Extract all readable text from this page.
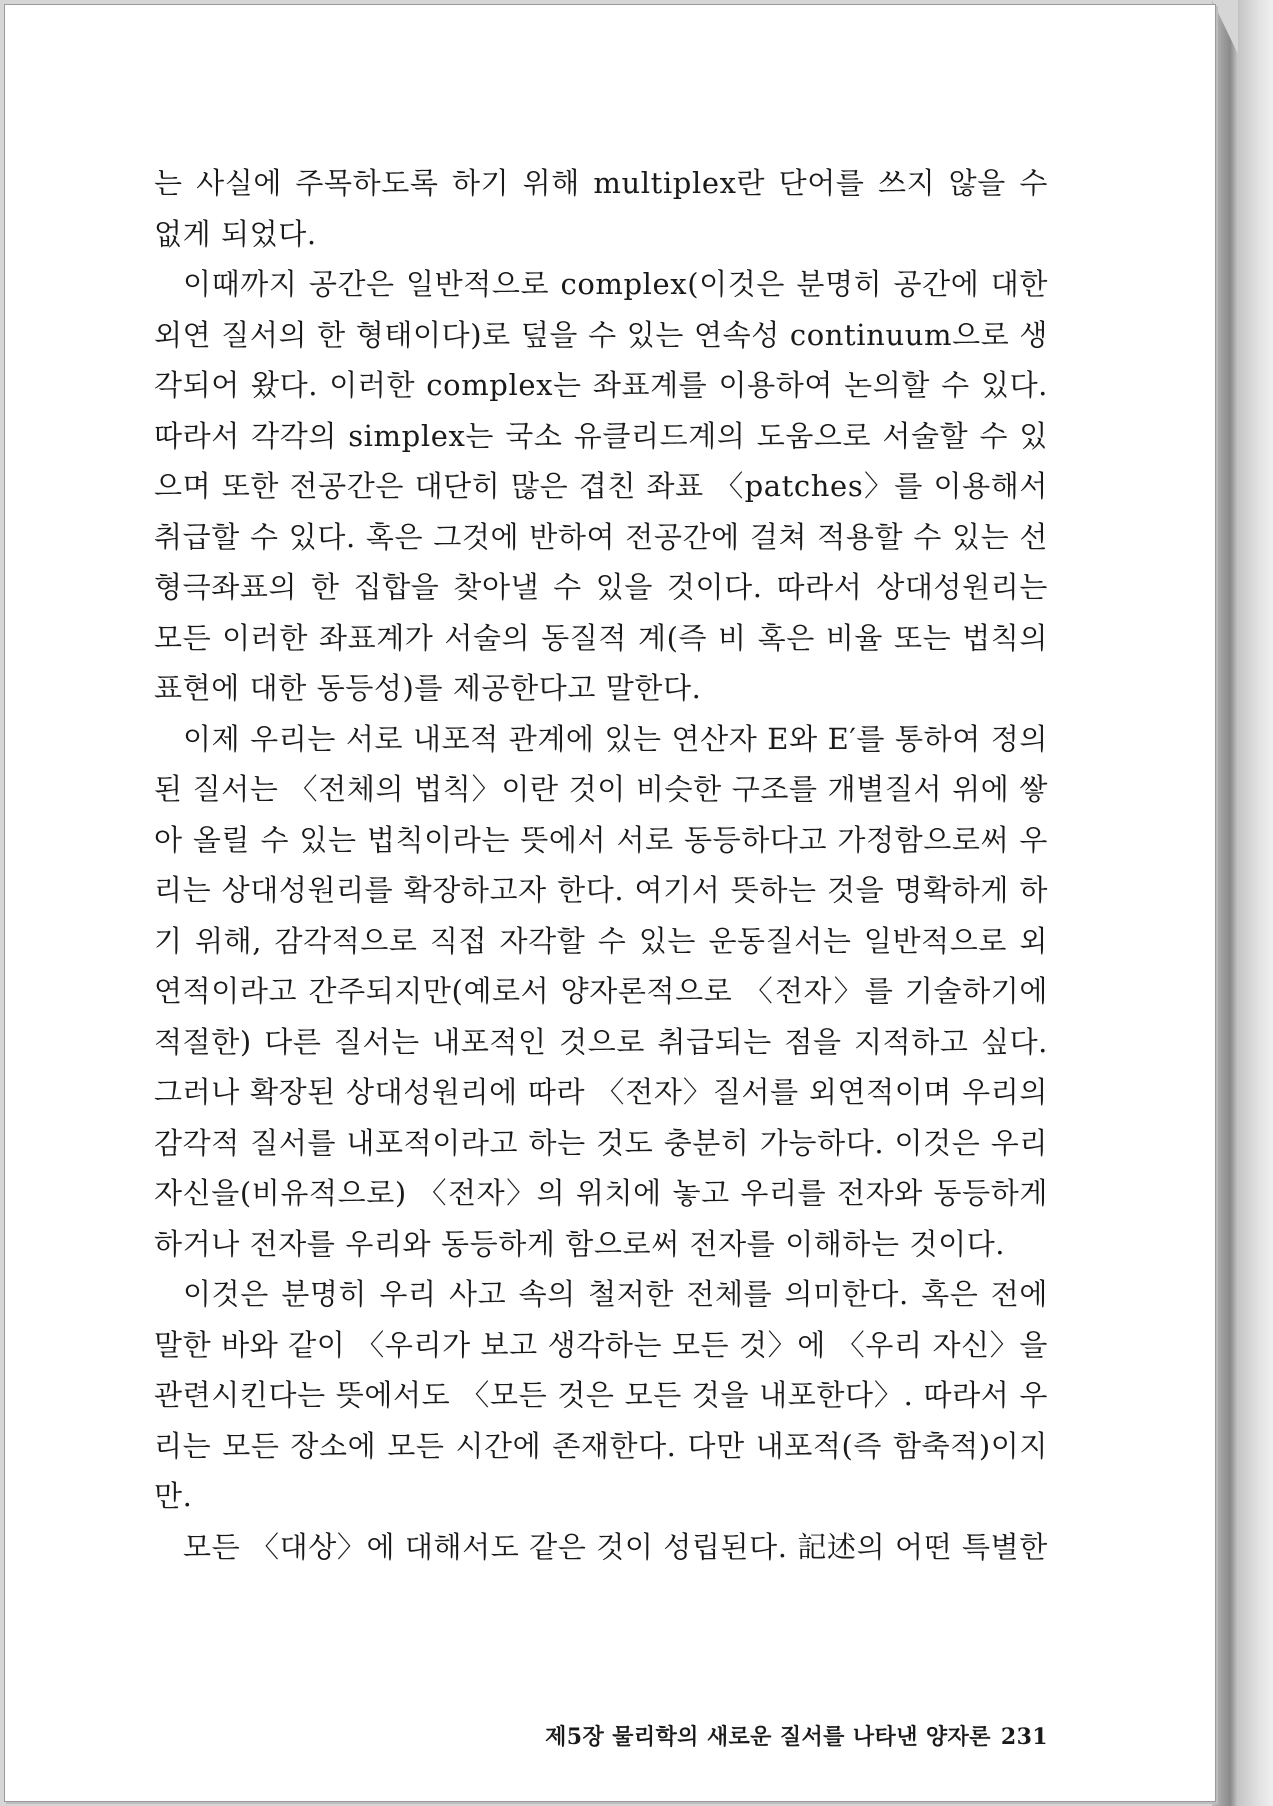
는 사실에 주목하도록 하기 위해 multiplex란 단어를 쓰지 않을 수 없게 되었다.

이때까지 공간은 일반적으로 complex(이것은 분명히 공간에 대한 외연 질서의 한 형태이다)로 덮을 수 있는 연속성 continuum으로 생각되어 왔다. 이러한 complex는 좌표계를 이용하여 논의할 수 있다. 따라서 각각의 simplex는 국소 유클리드계의 도움으로 서술할 수 있으며 또한 전공간은 대단히 많은 겹친 좌표 〈patches〉를 이용해서 취급할 수 있다. 혹은 그것에 반하여 전공간에 걸쳐 적용할 수 있는 선형극좌표의 한 집합을 찾아낼 수 있을 것이다. 따라서 상대성원리는 모든 이러한 좌표계가 서술의 동질적 계(즉 비 혹은 비율 또는 법칙의 표현에 대한 동등성)를 제공한다고 말한다.

이제 우리는 서로 내포적 관계에 있는 연산자 E와 E′를 통하여 정의된 질서는 〈전체의 법칙〉이란 것이 비슷한 구조를 개별질서 위에 쌓아 올릴 수 있는 법칙이라는 뜻에서 서로 동등하다고 가정함으로써 우리는 상대성원리를 확장하고자 한다. 여기서 뜻하는 것을 명확하게 하기 위해, 감각적으로 직접 자각할 수 있는 운동질서는 일반적으로 외연적이라고 간주되지만(예로서 양자론적으로 〈전자〉를 기술하기에 적절한) 다른 질서는 내포적인 것으로 취급되는 점을 지적하고 싶다. 그러나 확장된 상대성원리에 따라 〈전자〉질서를 외연적이며 우리의 감각적 질서를 내포적이라고 하는 것도 충분히 가능하다. 이것은 우리 자신을(비유적으로) 〈전자〉의 위치에 놓고 우리를 전자와 동등하게 하거나 전자를 우리와 동등하게 함으로써 전자를 이해하는 것이다.

이것은 분명히 우리 사고 속의 철저한 전체를 의미한다. 혹은 전에 말한 바와 같이 〈우리가 보고 생각하는 모든 것〉에 〈우리 자신〉을 관련시킨다는 뜻에서도 〈모든 것은 모든 것을 내포한다〉. 따라서 우리는 모든 장소에 모든 시간에 존재한다. 다만 내포적(즉 함축적)이지만.

모든 〈대상〉에 대해서도 같은 것이 성립된다. 記述의 어떤 특별한

제5장 물리학의 새로운 질서를 나타낸 양자론 231
